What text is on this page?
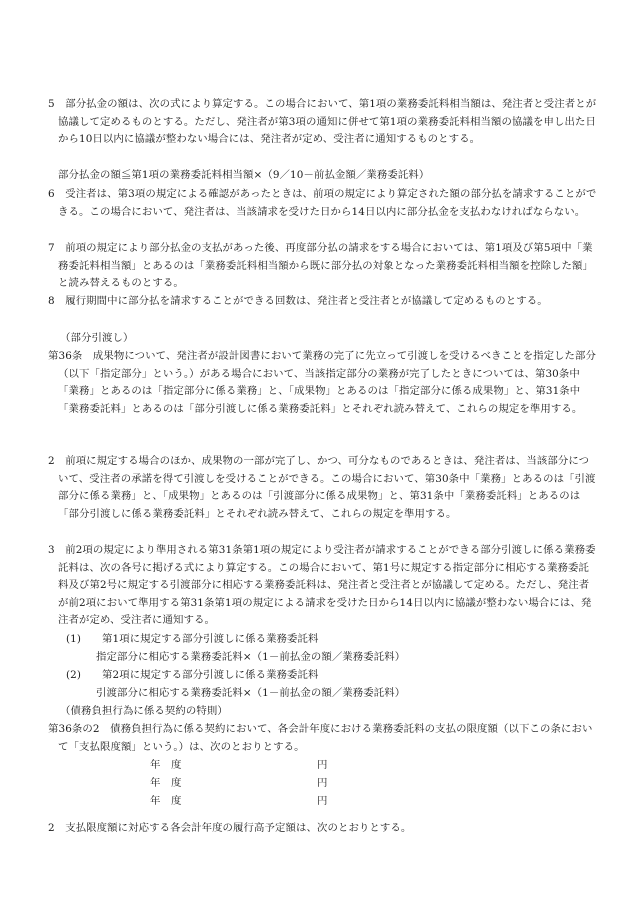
5　部分払金の額は、次の式により算定する。この場合において、第1項の業務委託料相当額は、発注者と受注者とが協議して定めるものとする。ただし、発注者が第3項の通知に併せて第1項の業務委託料相当額の協議を申し出た日から10日以内に協議が整わない場合には、発注者が定め、受注者に通知するものとする。
部分払金の額≦第1項の業務委託料相当額×（9／10－前払金額／業務委託料）
6　受注者は、第3項の規定による確認があったときは、前項の規定により算定された額の部分払を請求することができる。この場合において、発注者は、当該請求を受けた日から14日以内に部分払金を支払わなければならない。
7　前項の規定により部分払金の支払があった後、再度部分払の請求をする場合においては、第1項及び第5項中「業務委託料相当額」とあるのは「業務委託料相当額から既に部分払の対象となった業務委託料相当額を控除した額」と読み替えるものとする。
8　履行期間中に部分払を請求することができる回数は、発注者と受注者とが協議して定めるものとする。
（部分引渡し）
第36条　成果物について、発注者が設計図書において業務の完了に先立って引渡しを受けるべきことを指定した部分（以下「指定部分」という。）がある場合において、当該指定部分の業務が完了したときについては、第30条中「業務」とあるのは「指定部分に係る業務」と、「成果物」とあるのは「指定部分に係る成果物」と、第31条中「業務委託料」とあるのは「部分引渡しに係る業務委託料」とそれぞれ読み替えて、これらの規定を準用する。
2　前項に規定する場合のほか、成果物の一部が完了し、かつ、可分なものであるときは、発注者は、当該部分について、受注者の承諾を得て引渡しを受けることができる。この場合において、第30条中「業務」とあるのは「引渡部分に係る業務」と、「成果物」とあるのは「引渡部分に係る成果物」と、第31条中「業務委託料」とあるのは「部分引渡しに係る業務委託料」とそれぞれ読み替えて、これらの規定を準用する。
3　前2項の規定により準用される第31条第1項の規定により受注者が請求することができる部分引渡しに係る業務委託料は、次の各号に掲げる式により算定する。この場合において、第1号に規定する指定部分に相応する業務委託料及び第2号に規定する引渡部分に相応する業務委託料は、発注者と受注者とが協議して定める。ただし、発注者が前2項において準用する第31条第1項の規定による請求を受けた日から14日以内に協議が整わない場合には、発注者が定め、受注者に通知する。
(1)　　第1項に規定する部分引渡しに係る業務委託料
指定部分に相応する業務委託料×（1－前払金の額／業務委託料）
(2)　　第2項に規定する部分引渡しに係る業務委託料
引渡部分に相応する業務委託料×（1－前払金の額／業務委託料）
（債務負担行為に係る契約の特則）
第36条の2　債務負担行為に係る契約において、各会計年度における業務委託料の支払の限度額（以下この条において「支払限度額」という。）は、次のとおりとする。
年　度	円
年　度	円
年　度	円
2　支払限度額に対応する各会計年度の履行高予定額は、次のとおりとする。
